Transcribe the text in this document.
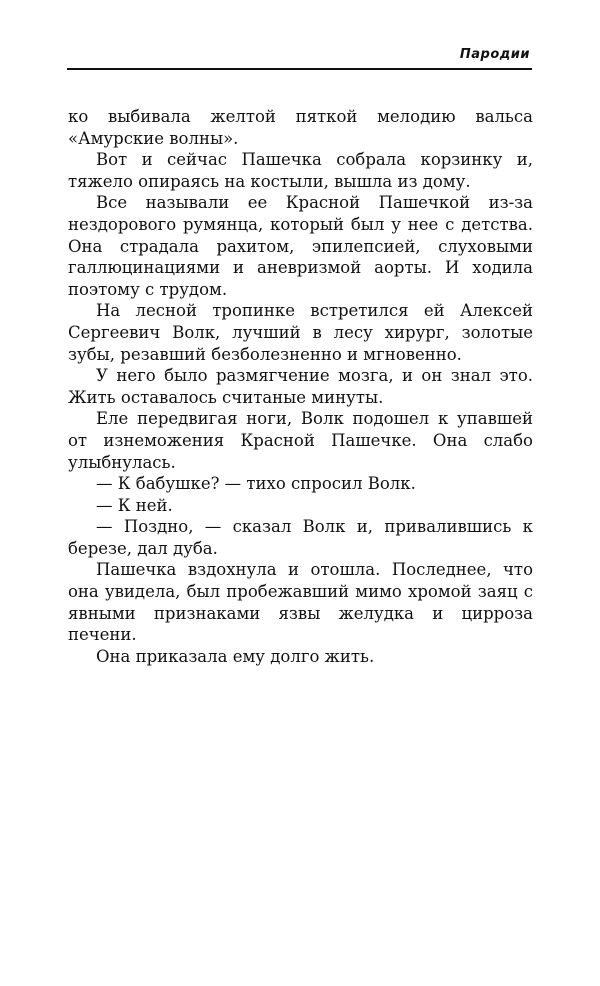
Пародии

ко выбивала желтой пяткой мелодию вальса «Амурские волны».

Вот и сейчас Пашечка собрала корзинку и, тяжело опираясь на костыли, вышла из дому.

Все называли ее Красной Пашечкой из-за нездорового румянца, который был у нее с детства. Она страдала рахитом, эпилепсией, слуховыми галлюцинациями и аневризмой аорты. И ходила поэтому с трудом.

На лесной тропинке встретился ей Алексей Сергеевич Волк, лучший в лесу хирург, золотые зубы, резавший безболезненно и мгновенно.

У него было размягчение мозга, и он знал это. Жить оставалось считаные минуты.

Еле передвигая ноги, Волк подошел к упавшей от изнеможения Красной Пашечке. Она слабо улыбнулась.

— К бабушке? — тихо спросил Волк.

— К ней.

— Поздно, — сказал Волк и, привалившись к березе, дал дуба.

Пашечка вздохнула и отошла. Последнее, что она увидела, был пробежавший мимо хромой заяц с явными признаками язвы желудка и цирроза печени.

Она приказала ему долго жить.
